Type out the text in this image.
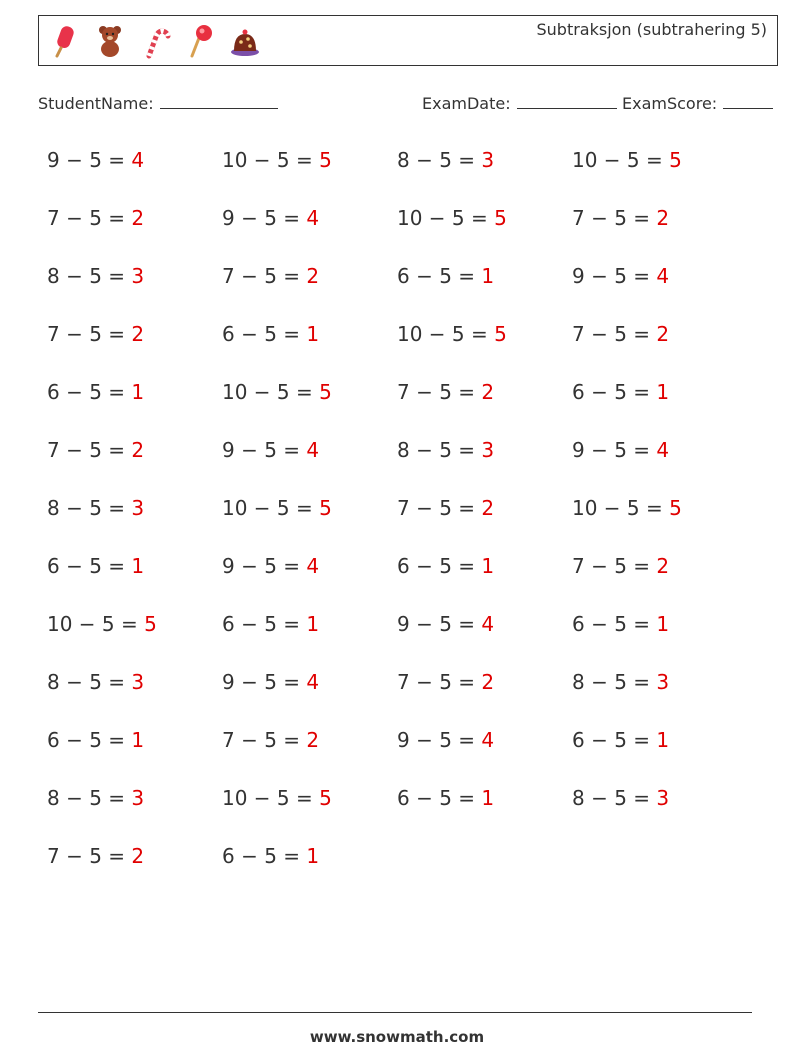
Subtraksjon (subtrahering 5)
StudentName:	ExamDate:	ExamScore:
9 − 5 = 4	10 − 5 = 5	8 − 5 = 3	10 − 5 = 5
7 − 5 = 2	9 − 5 = 4	10 − 5 = 5	7 − 5 = 2
8 − 5 = 3	7 − 5 = 2	6 − 5 = 1	9 − 5 = 4
7 − 5 = 2	6 − 5 = 1	10 − 5 = 5	7 − 5 = 2
6 − 5 = 1	10 − 5 = 5	7 − 5 = 2	6 − 5 = 1
7 − 5 = 2	9 − 5 = 4	8 − 5 = 3	9 − 5 = 4
8 − 5 = 3	10 − 5 = 5	7 − 5 = 2	10 − 5 = 5
6 − 5 = 1	9 − 5 = 4	6 − 5 = 1	7 − 5 = 2
10 − 5 = 5	6 − 5 = 1	9 − 5 = 4	6 − 5 = 1
8 − 5 = 3	9 − 5 = 4	7 − 5 = 2	8 − 5 = 3
6 − 5 = 1	7 − 5 = 2	9 − 5 = 4	6 − 5 = 1
8 − 5 = 3	10 − 5 = 5	6 − 5 = 1	8 − 5 = 3
7 − 5 = 2	6 − 5 = 1
www.snowmath.com
